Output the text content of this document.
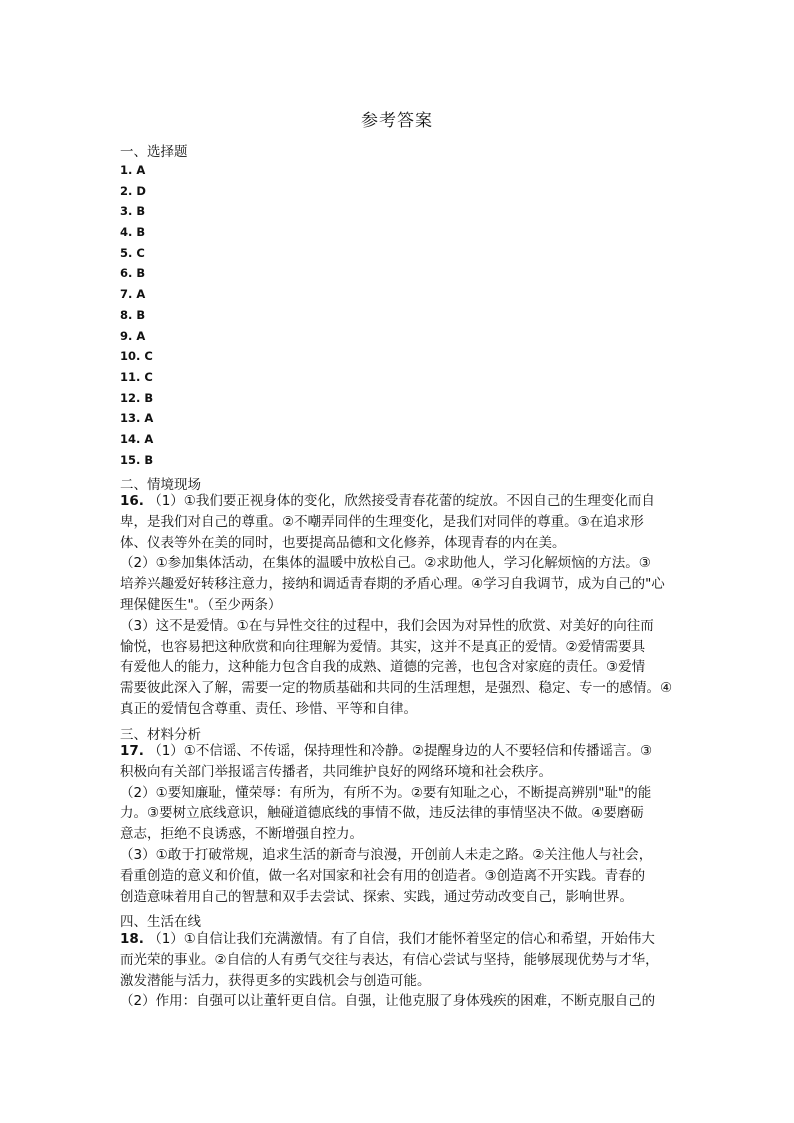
参考答案
一、选择题
1. A
2. D
3. B
4. B
5. C
6. B
7. A
8. B
9. A
10. C
11. C
12. B
13. A
14. A
15. B
二、情境现场
16. （1）①我们要正视身体的变化，欣然接受青春花蕾的绽放。不因自己的生理变化而自
卑，是我们对自己的尊重。②不嘲弄同伴的生理变化，是我们对同伴的尊重。③在追求形
体、仪表等外在美的同时，也要提高品德和文化修养，体现青春的内在美。
（2）①参加集体活动，在集体的温暖中放松自己。②求助他人，学习化解烦恼的方法。③
培养兴趣爱好转移注意力，接纳和调适青春期的矛盾心理。④学习自我调节，成为自己的"心
理保健医生"。（至少两条）
（3）这不是爱情。①在与异性交往的过程中，我们会因为对异性的欣赏、对美好的向往而
愉悦，也容易把这种欣赏和向往理解为爱情。其实，这并不是真正的爱情。②爱情需要具
有爱他人的能力，这种能力包含自我的成熟、道德的完善，也包含对家庭的责任。③爱情
需要彼此深入了解，需要一定的物质基础和共同的生活理想，是强烈、稳定、专一的感情。④
真正的爱情包含尊重、责任、珍惜、平等和自律。
三、材料分析
17. （1）①不信谣、不传谣，保持理性和冷静。②提醒身边的人不要轻信和传播谣言。③
积极向有关部门举报谣言传播者，共同维护良好的网络环境和社会秩序。
（2）①要知廉耻，懂荣辱：有所为，有所不为。②要有知耻之心，不断提高辨别"耻"的能
力。③要树立底线意识，触碰道德底线的事情不做，违反法律的事情坚决不做。④要磨砺
意志，拒绝不良诱惑，不断增强自控力。
（3）①敢于打破常规，追求生活的新奇与浪漫，开创前人未走之路。②关注他人与社会，
看重创造的意义和价值，做一名对国家和社会有用的创造者。③创造离不开实践。青春的
创造意味着用自己的智慧和双手去尝试、探索、实践，通过劳动改变自己，影响世界。
四、生活在线
18. （1）①自信让我们充满激情。有了自信，我们才能怀着坚定的信心和希望，开始伟大
而光荣的事业。②自信的人有勇气交往与表达，有信心尝试与坚持，能够展现优势与才华，
激发潜能与活力，获得更多的实践机会与创造可能。
（2）作用：自强可以让董轩更自信。自强，让他克服了身体残疾的困难，不断克服自己的
